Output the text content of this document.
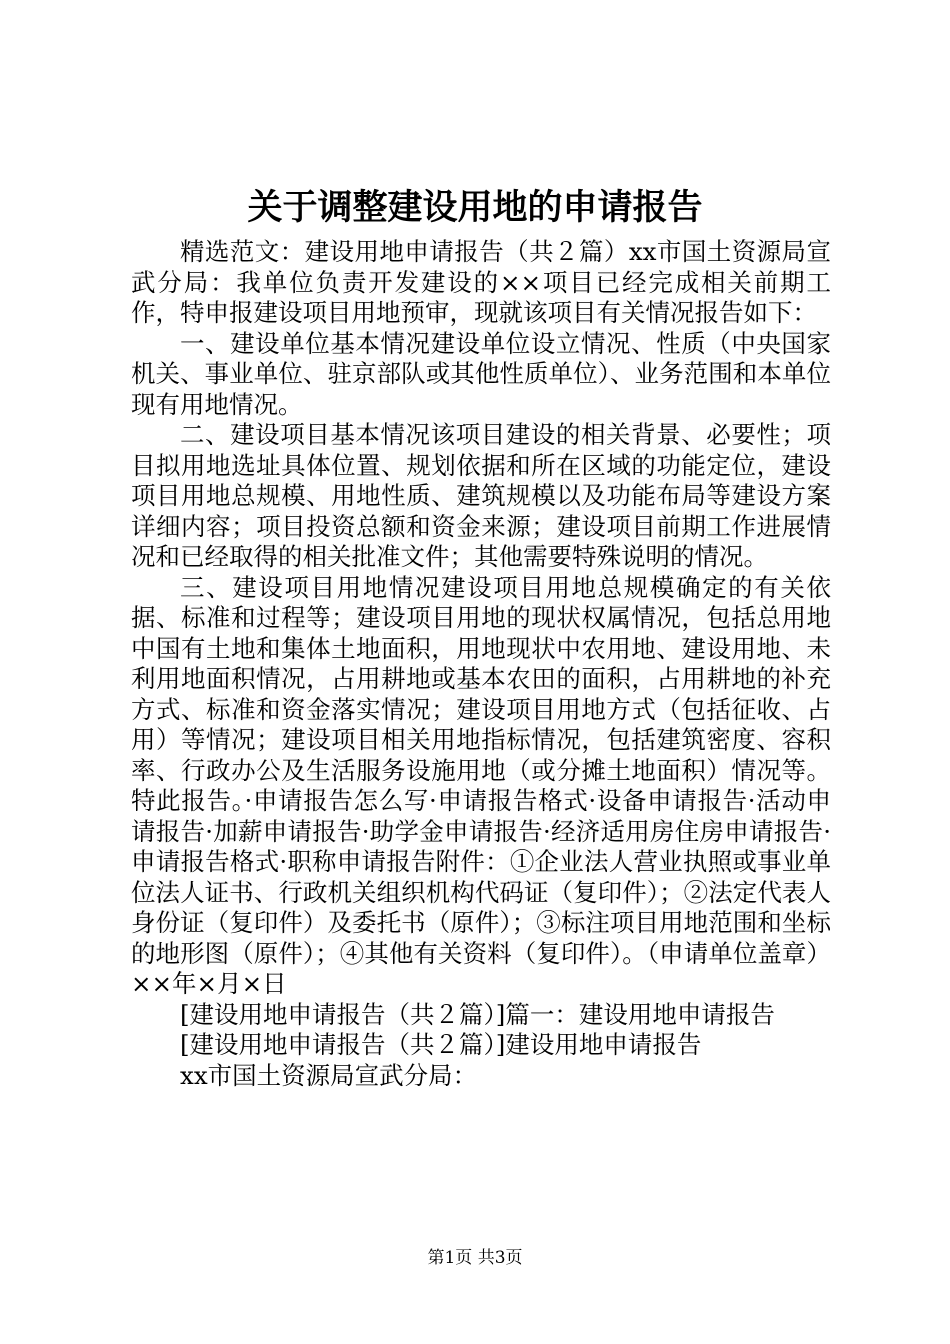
关于调整建设用地的申请报告

精选范文：建设用地申请报告（共２篇）xx市国土资源局宣武分局：我单位负责开发建设的××项目已经完成相关前期工作，特申报建设项目用地预审，现就该项目有关情况报告如下：

一、建设单位基本情况建设单位设立情况、性质（中央国家机关、事业单位、驻京部队或其他性质单位）、业务范围和本单位现有用地情况。

二、建设项目基本情况该项目建设的相关背景、必要性；项目拟用地选址具体位置、规划依据和所在区域的功能定位，建设项目用地总规模、用地性质、建筑规模以及功能布局等建设方案详细内容；项目投资总额和资金来源；建设项目前期工作进展情况和已经取得的相关批准文件；其他需要特殊说明的情况。

三、建设项目用地情况建设项目用地总规模确定的有关依据、标准和过程等；建设项目用地的现状权属情况，包括总用地中国有土地和集体土地面积，用地现状中农用地、建设用地、未利用地面积情况，占用耕地或基本农田的面积，占用耕地的补充方式、标准和资金落实情况；建设项目用地方式（包括征收、占用）等情况；建设项目相关用地指标情况，包括建筑密度、容积率、行政办公及生活服务设施用地（或分摊土地面积）情况等。特此报告。·申请报告怎么写·申请报告格式·设备申请报告·活动申请报告·加薪申请报告·助学金申请报告·经济适用房住房申请报告·申请报告格式·职称申请报告附件：①企业法人营业执照或事业单位法人证书、行政机关组织机构代码证（复印件）；②法定代表人身份证（复印件）及委托书（原件）；③标注项目用地范围和坐标的地形图（原件）；④其他有关资料（复印件）。（申请单位盖章）××年×月×日

[建设用地申请报告（共２篇）]篇一：建设用地申请报告

[建设用地申请报告（共２篇）]建设用地申请报告

xx市国土资源局宣武分局：

第1页 共3页
